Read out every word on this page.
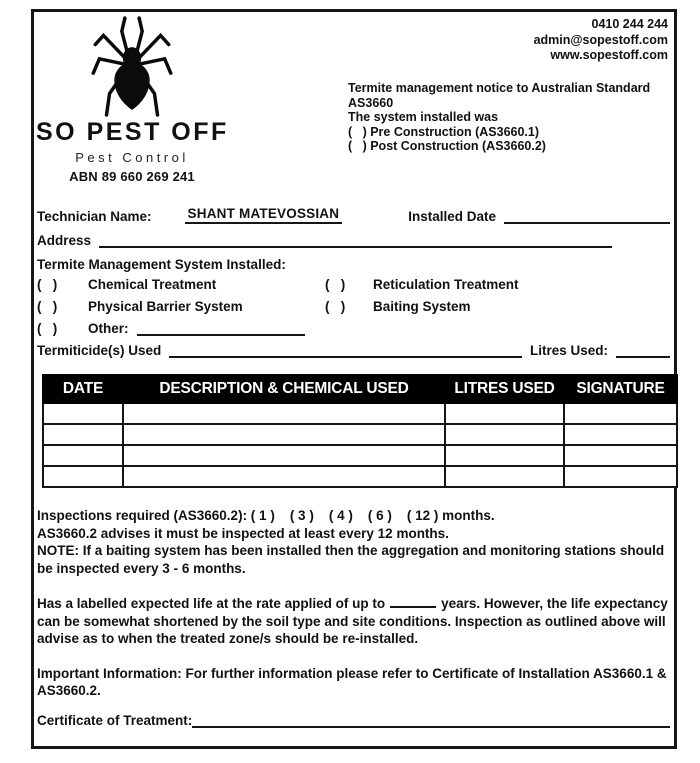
SO PEST OFF
Pest Control
ABN 89 660 269 241
0410 244 244
admin@sopestoff.com
www.sopestoff.com
Termite management notice to Australian Standard
AS3660
The system installed was
(   ) Pre Construction (AS3660.1)
(   ) Post Construction (AS3660.2)
Technician Name:	SHANT MATEVOSSIAN	Installed Date
Address
Termite Management System Installed:
(   )	Chemical Treatment	(   )	Reticulation Treatment
(   )	Physical Barrier System	(   )	Baiting System
(   )	Other:
Termiticide(s) Used	Litres Used:
DATE	DESCRIPTION & CHEMICAL USED	LITRES USED	SIGNATURE

Inspections required (AS3660.2): ( 1 )    ( 3 )    ( 4 )    ( 6 )    ( 12 ) months.

AS3660.2 advises it must be inspected at least every 12 months.

NOTE: If a baiting system has been installed then the aggregation and monitoring stations should be inspected every 3 - 6 months.

Has a labelled expected life at the rate applied of up to	years. However, the life expectancy can be somewhat shortened by the soil type and site conditions. Inspection as outlined above will advise as to when the treated zone/s should be re-installed.

Important Information: For further information please refer to Certificate of Installation AS3660.1 & AS3660.2.

Certificate of Treatment:
